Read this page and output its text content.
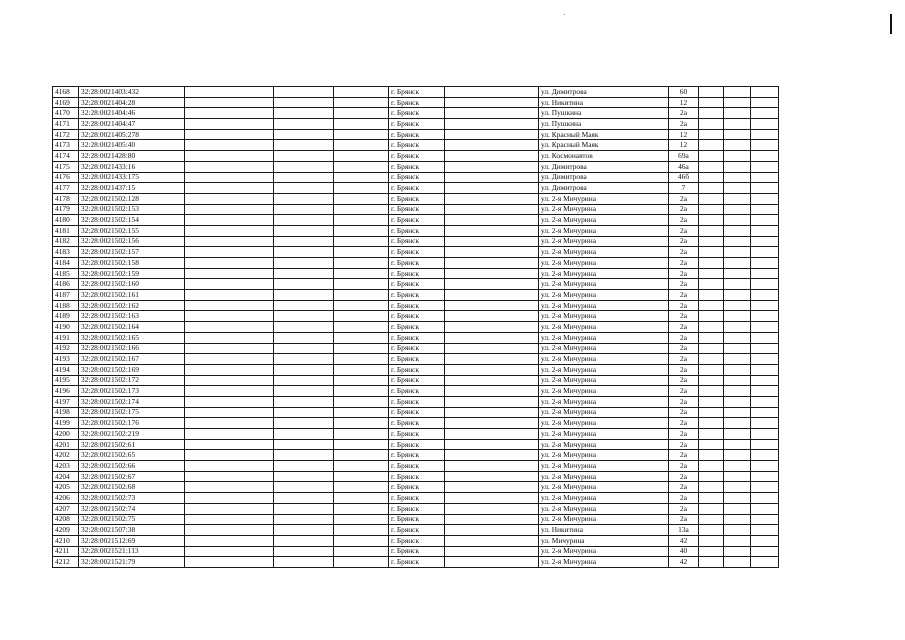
4168	32:28:0021403:432				г. Брянск		ул. Димитрова	60			
4169	32:28:0021404:28				г. Брянск		ул. Никитина	12			
4170	32:28:0021404:46				г. Брянск		ул. Пушкина	2а			
4171	32:28:0021404:47				г. Брянск		ул. Пушкина	2а			
4172	32:28:0021405:278				г. Брянск		ул. Красный Маяк	12			
4173	32:28:0021405:40				г. Брянск		ул. Красный Маяк	12			
4174	32:28:0021428:80				г. Брянск		ул. Космонавтов	69а			
4175	32:28:0021433:16				г. Брянск		ул. Димитрова	46а			
4176	32:28:0021433:175				г. Брянск		ул. Димитрова	46б			
4177	32:28:0021437:15				г. Брянск		ул. Димитрова	7			
4178	32:28:0021502:128				г. Брянск		ул. 2-я Мичурина	2а			
4179	32:28:0021502:153				г. Брянск		ул. 2-я Мичурина	2а			
4180	32:28:0021502:154				г. Брянск		ул. 2-я Мичурина	2а			
4181	32:28:0021502:155				г. Брянск		ул. 2-я Мичурина	2а			
4182	32:28:0021502:156				г. Брянск		ул. 2-я Мичурина	2а			
4183	32:28:0021502:157				г. Брянск		ул. 2-я Мичурина	2а			
4184	32:28:0021502:158				г. Брянск		ул. 2-я Мичурина	2а			
4185	32:28:0021502:159				г. Брянск		ул. 2-я Мичурина	2а			
4186	32:28:0021502:160				г. Брянск		ул. 2-я Мичурина	2а			
4187	32:28:0021502:161				г. Брянск		ул. 2-я Мичурина	2а			
4188	32:28:0021502:162				г. Брянск		ул. 2-я Мичурина	2а			
4189	32:28:0021502:163				г. Брянск		ул. 2-я Мичурина	2а			
4190	32:28:0021502:164				г. Брянск		ул. 2-я Мичурина	2а			
4191	32:28:0021502:165				г. Брянск		ул. 2-я Мичурина	2а			
4192	32:28:0021502:166				г. Брянск		ул. 2-я Мичурина	2а			
4193	32:28:0021502:167				г. Брянск		ул. 2-я Мичурина	2а			
4194	32:28:0021502:169				г. Брянск		ул. 2-я Мичурина	2а			
4195	32:28:0021502:172				г. Брянск		ул. 2-я Мичурина	2а			
4196	32:28:0021502:173				г. Брянск		ул. 2-я Мичурина	2а			
4197	32:28:0021502:174				г. Брянск		ул. 2-я Мичурина	2а			
4198	32:28:0021502:175				г. Брянск		ул. 2-я Мичурина	2а			
4199	32:28:0021502:176				г. Брянск		ул. 2-я Мичурина	2а			
4200	32:28:0021502:219				г. Брянск		ул. 2-я Мичурина	2а			
4201	32:28:0021502:61				г. Брянск		ул. 2-я Мичурина	2а			
4202	32:28:0021502:65				г. Брянск		ул. 2-я Мичурина	2а			
4203	32:28:0021502:66				г. Брянск		ул. 2-я Мичурина	2а			
4204	32:28:0021502:67				г. Брянск		ул. 2-я Мичурина	2а			
4205	32:28:0021502:68				г. Брянск		ул. 2-я Мичурина	2а			
4206	32:28:0021502:73				г. Брянск		ул. 2-я Мичурина	2а			
4207	32:28:0021502:74				г. Брянск		ул. 2-я Мичурина	2а			
4208	32:28:0021502:75				г. Брянск		ул. 2-я Мичурина	2а			
4209	32:28:0021507:38				г. Брянск		ул. Никитина	13а			
4210	32:28:0021512:69				г. Брянск		ул. Мичурина	42			
4211	32:28:0021521:113				г. Брянск		ул. 2-я Мичурина	40			
4212	32:28:0021521:79				г. Брянск		ул. 2-я Мичурина	42			
